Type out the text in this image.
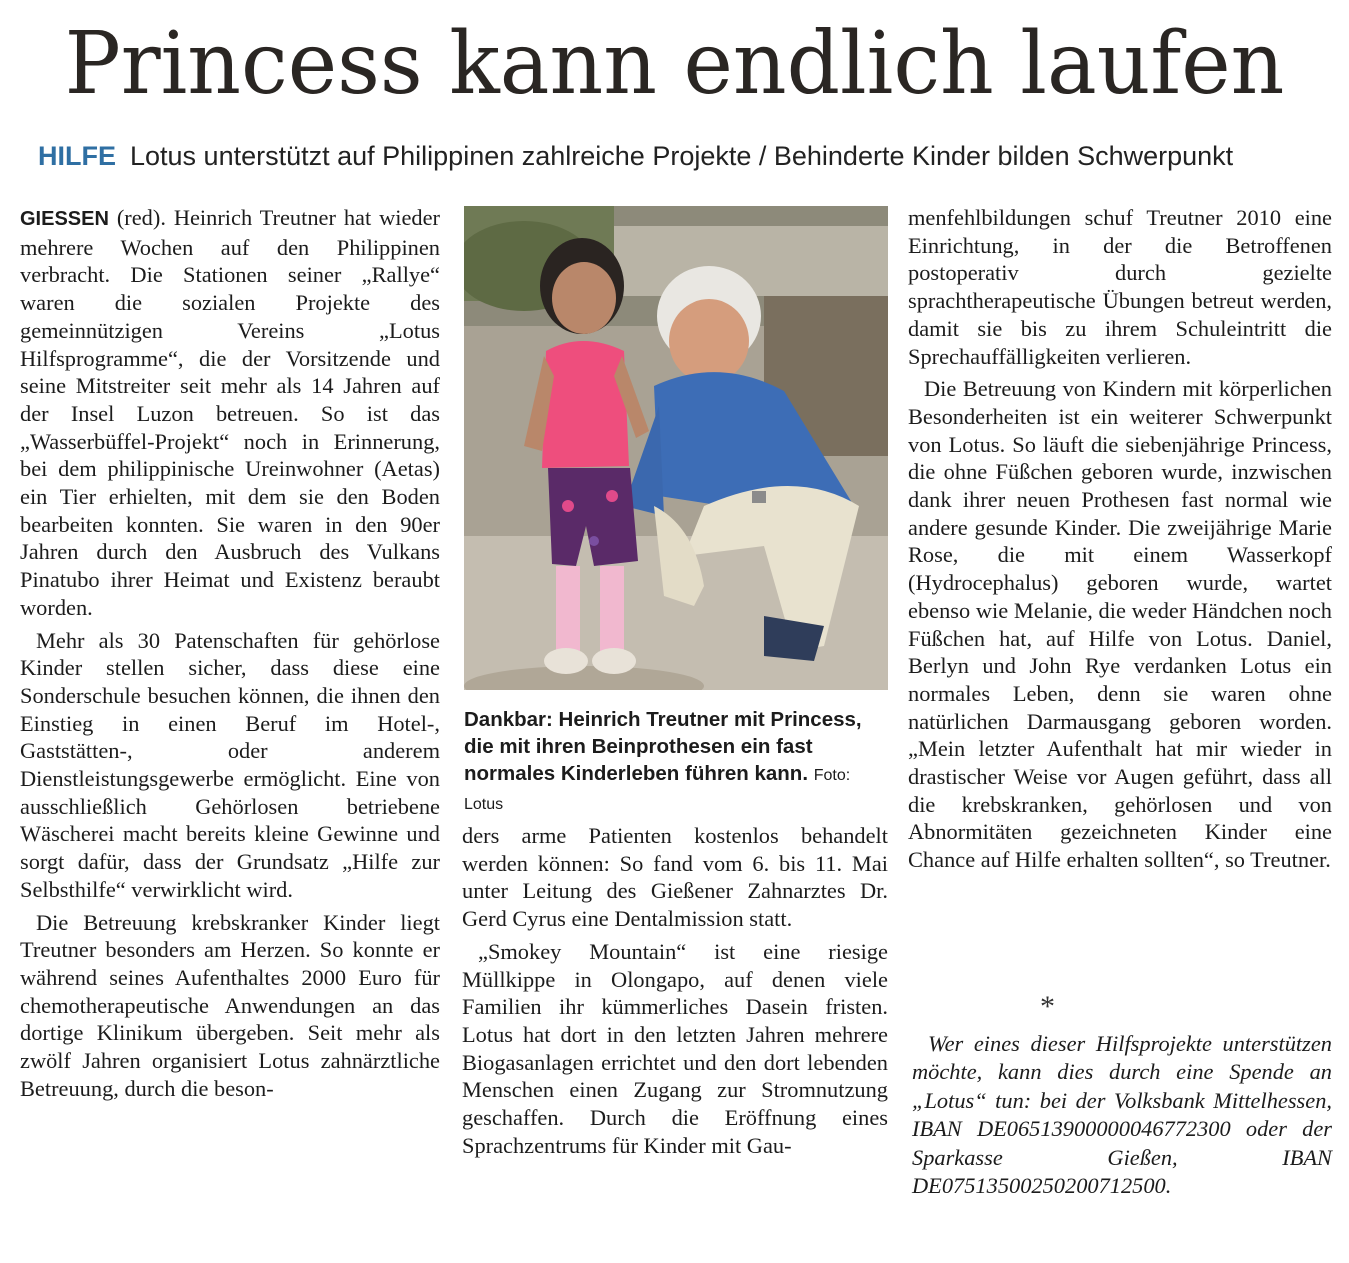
Princess kann endlich laufen
HILFE Lotus unterstützt auf Philippinen zahlreiche Projekte / Behinderte Kinder bilden Schwerpunkt

GIESSEN (red). Heinrich Treutner hat wieder mehrere Wochen auf den Philippinen verbracht. Die Stationen seiner „Rallye“ waren die sozialen Projekte des gemeinnützigen Vereins „Lotus Hilfsprogramme“, die der Vorsitzende und seine Mitstreiter seit mehr als 14 Jahren auf der Insel Luzon betreuen. So ist das „Wasserbüffel-Projekt“ noch in Erinnerung, bei dem philippinische Ureinwohner (Aetas) ein Tier erhielten, mit dem sie den Boden bearbeiten konnten. Sie waren in den 90er Jahren durch den Ausbruch des Vulkans Pinatubo ihrer Heimat und Existenz beraubt worden.

Mehr als 30 Patenschaften für gehörlose Kinder stellen sicher, dass diese eine Sonderschule besuchen können, die ihnen den Einstieg in einen Beruf im Hotel-, Gaststätten-, oder anderem Dienstleistungsgewerbe ermöglicht. Eine von ausschließlich Gehörlosen betriebene Wäscherei macht bereits kleine Gewinne und sorgt dafür, dass der Grundsatz „Hilfe zur Selbsthilfe“ verwirklicht wird.

Die Betreuung krebskranker Kinder liegt Treutner besonders am Herzen. So konnte er während seines Aufenthaltes 2000 Euro für chemotherapeutische Anwendungen an das dortige Klinikum übergeben. Seit mehr als zwölf Jahren organisiert Lotus zahnärztliche Betreuung, durch die beson-

Dankbar: Heinrich Treutner mit Princess, die mit ihren Beinprothesen ein fast normales Kinderleben führen kann. Foto: Lotus

ders arme Patienten kostenlos behandelt werden können: So fand vom 6. bis 11. Mai unter Leitung des Gießener Zahnarztes Dr. Gerd Cyrus eine Dentalmission statt.

„Smokey Mountain“ ist eine riesige Müllkippe in Olongapo, auf denen viele Familien ihr kümmerliches Dasein fristen. Lotus hat dort in den letzten Jahren mehrere Biogasanlagen errichtet und den dort lebenden Menschen einen Zugang zur Stromnutzung geschaffen. Durch die Eröffnung eines Sprachzentrums für Kinder mit Gau-

menfehlbildungen schuf Treutner 2010 eine Einrichtung, in der die Betroffenen postoperativ durch gezielte sprachtherapeutische Übungen betreut werden, damit sie bis zu ihrem Schuleintritt die Sprechauffälligkeiten verlieren.

Die Betreuung von Kindern mit körperlichen Besonderheiten ist ein weiterer Schwerpunkt von Lotus. So läuft die siebenjährige Princess, die ohne Füßchen geboren wurde, inzwischen dank ihrer neuen Prothesen fast normal wie andere gesunde Kinder. Die zweijährige Marie Rose, die mit einem Wasserkopf (Hydrocephalus) geboren wurde, wartet ebenso wie Melanie, die weder Händchen noch Füßchen hat, auf Hilfe von Lotus. Daniel, Berlyn und John Rye verdanken Lotus ein normales Leben, denn sie waren ohne natürlichen Darmausgang geboren worden. „Mein letzter Aufenthalt hat mir wieder in drastischer Weise vor Augen geführt, dass all die krebskranken, gehörlosen und von Abnormitäten gezeichneten Kinder eine Chance auf Hilfe erhalten sollten“, so Treutner.

*

Wer eines dieser Hilfsprojekte unterstützen möchte, kann dies durch eine Spende an „Lotus“ tun: bei der Volksbank Mittelhessen, IBAN DE06513900000046772300 oder der Sparkasse Gießen, IBAN DE07513500250200712500.
